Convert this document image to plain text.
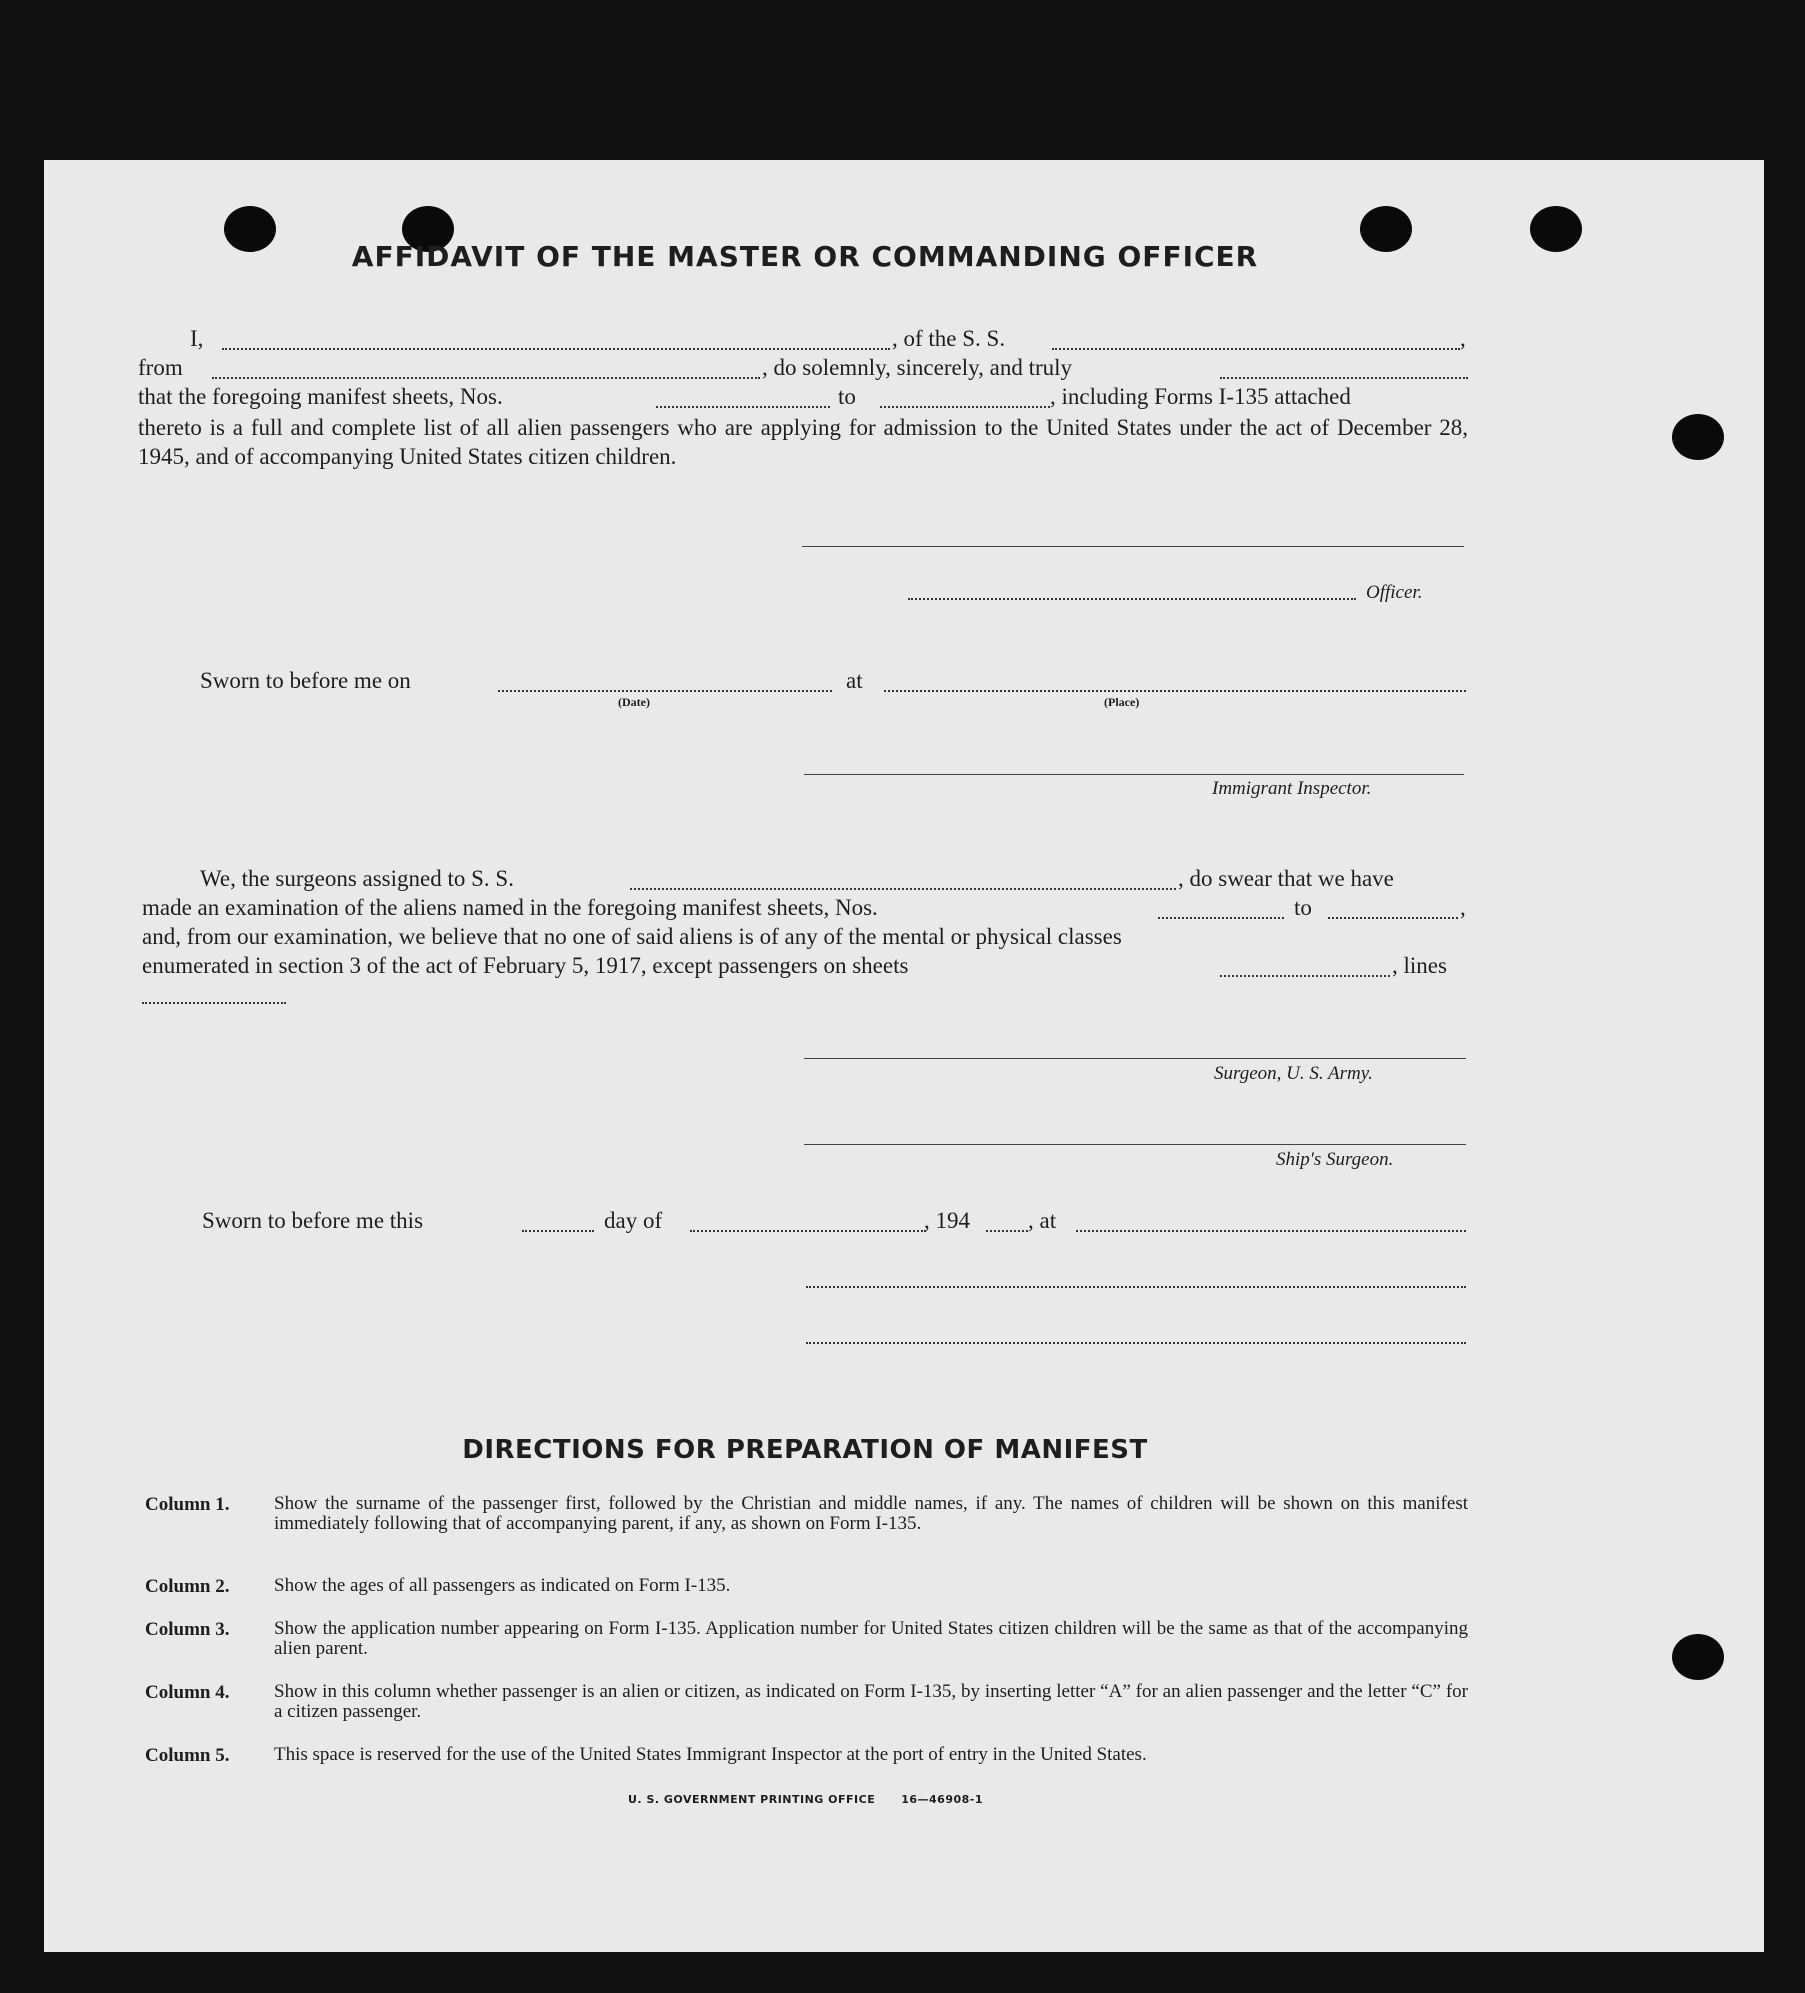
AFFIDAVIT OF THE MASTER OR COMMANDING OFFICER
I,	, of the S. S.	,
from	, do solemnly, sincerely, and truly
that the foregoing manifest sheets, Nos.	to	, including Forms I-135 attached
thereto is a full and complete list of all alien passengers who are applying for admission to the United States under the act of December 28, 1945, and of accompanying United States citizen children.
Officer.
Sworn to before me on
(Date)
at
(Place)
Immigrant Inspector.
We, the surgeons assigned to S. S.	, do swear that we have
made an examination of the aliens named in the foregoing manifest sheets, Nos.	to	,
and, from our examination, we believe that no one of said aliens is of any of the mental or physical classes
enumerated in section 3 of the act of February 5, 1917, except passengers on sheets	, lines
Surgeon, U. S. Army.
Ship's Surgeon.
Sworn to before me this	day of	, 194	, at
DIRECTIONS FOR PREPARATION OF MANIFEST
Column 1. Show the surname of the passenger first, followed by the Christian and middle names, if any. The names of children will be shown on this manifest immediately following that of accompanying parent, if any, as shown on Form I-135.
Column 2. Show the ages of all passengers as indicated on Form I-135.
Column 3. Show the application number appearing on Form I-135. Application number for United States citizen children will be the same as that of the accompanying alien parent.
Column 4. Show in this column whether passenger is an alien or citizen, as indicated on Form I-135, by inserting letter “A” for an alien passenger and the letter “C” for a citizen passenger.
Column 5. This space is reserved for the use of the United States Immigrant Inspector at the port of entry in the United States.
U. S. GOVERNMENT PRINTING OFFICE 16—46908-1
